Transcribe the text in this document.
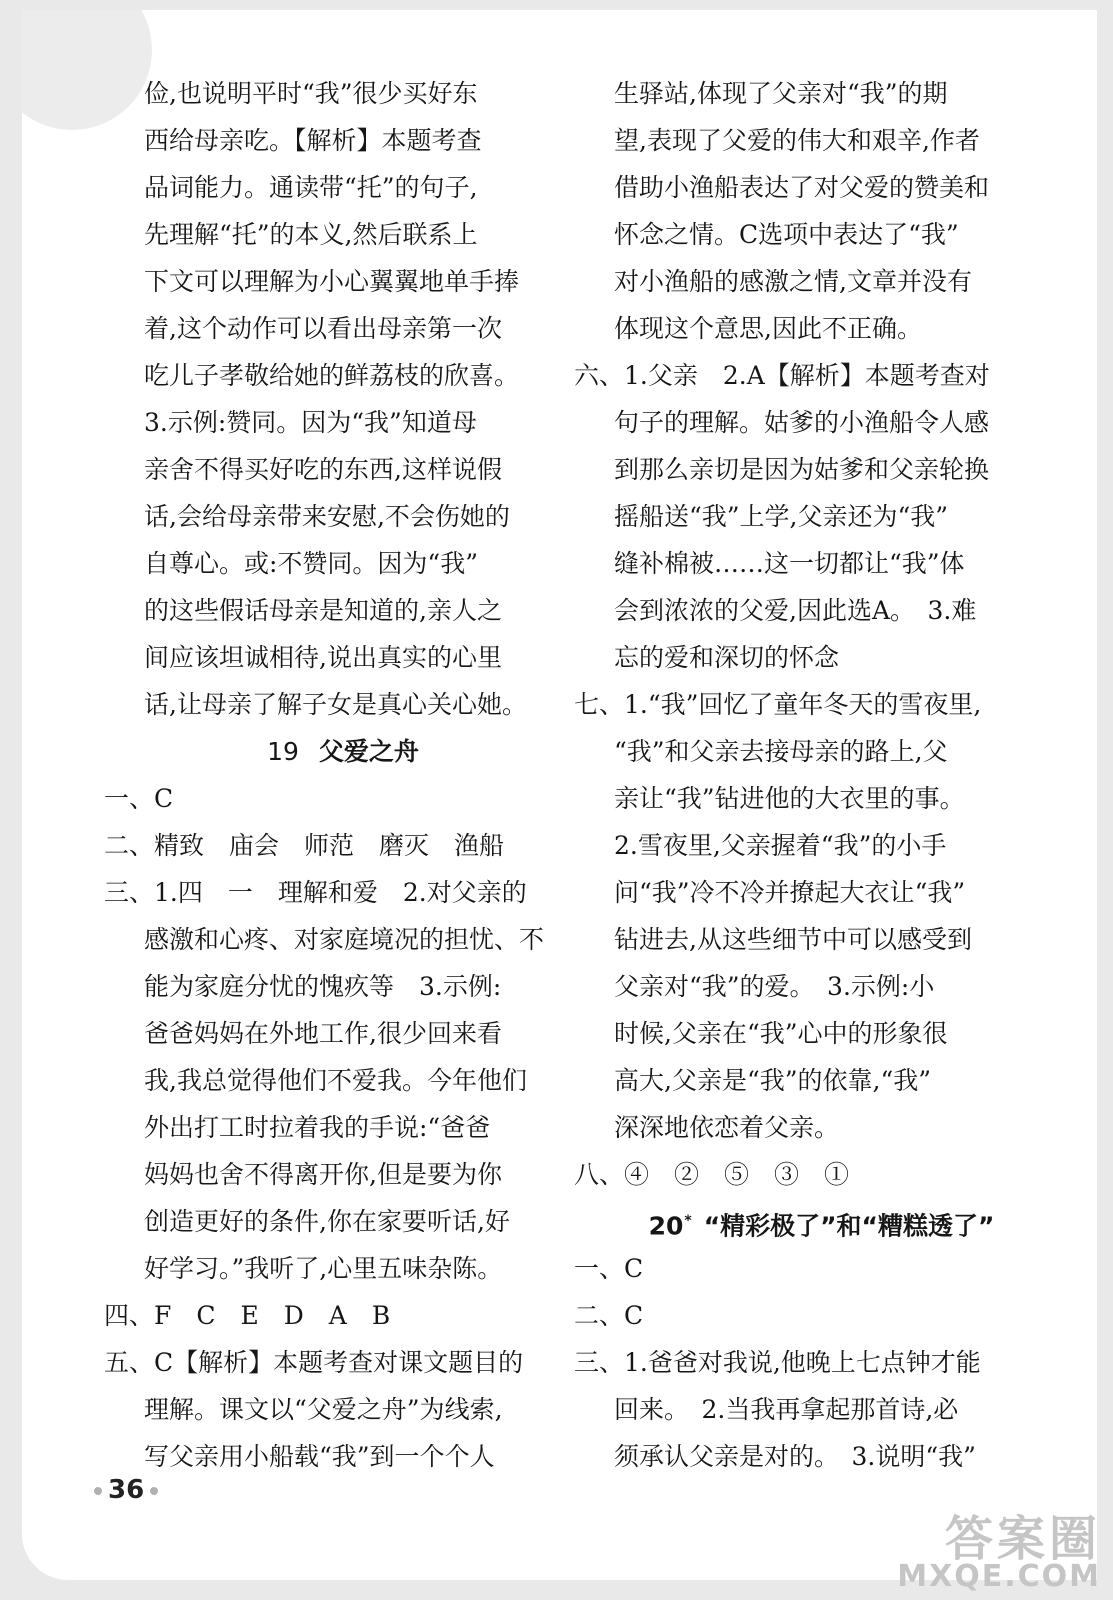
俭,也说明平时“我”很少买好东
西给母亲吃。【解析】本题考查
品词能力。通读带“托”的句子,
先理解“托”的本义,然后联系上
下文可以理解为小心翼翼地单手捧
着,这个动作可以看出母亲第一次
吃儿子孝敬给她的鲜荔枝的欣喜。
3.示例:赞同。因为“我”知道母
亲舍不得买好吃的东西,这样说假
话,会给母亲带来安慰,不会伤她的
自尊心。或:不赞同。因为“我”
的这些假话母亲是知道的,亲人之
间应该坦诚相待,说出真实的心里
话,让母亲了解子女是真心关心她。
19 父爱之舟
一、C
二、精致　庙会　师范　磨灭　渔船
三、1.四　一　理解和爱　2.对父亲的
感激和心疼、对家庭境况的担忧、不
能为家庭分忧的愧疚等　3.示例:
爸爸妈妈在外地工作,很少回来看
我,我总觉得他们不爱我。今年他们
外出打工时拉着我的手说:“爸爸
妈妈也舍不得离开你,但是要为你
创造更好的条件,你在家要听话,好
好学习。”我听了,心里五味杂陈。
四、F　C　E　D　A　B
五、C【解析】本题考查对课文题目的
理解。课文以“父爱之舟”为线索,
写父亲用小船载“我”到一个个人
生驿站,体现了父亲对“我”的期
望,表现了父爱的伟大和艰辛,作者
借助小渔船表达了对父爱的赞美和
怀念之情。C选项中表达了“我”
对小渔船的感激之情,文章并没有
体现这个意思,因此不正确。
六、1.父亲　2.A【解析】本题考查对
句子的理解。姑爹的小渔船令人感
到那么亲切是因为姑爹和父亲轮换
摇船送“我”上学,父亲还为“我”
缝补棉被……这一切都让“我”体
会到浓浓的父爱,因此选A。　3.难
忘的爱和深切的怀念
七、1.“我”回忆了童年冬天的雪夜里,
“我”和父亲去接母亲的路上,父
亲让“我”钻进他的大衣里的事。
2.雪夜里,父亲握着“我”的小手
问“我”冷不冷并撩起大衣让“我”
钻进去,从这些细节中可以感受到
父亲对“我”的爱。　3.示例:小
时候,父亲在“我”心中的形象很
高大,父亲是“我”的依靠,“我”
深深地依恋着父亲。
八、④　②　⑤　③　①
20* “精彩极了”和“糟糕透了”
一、C
二、C
三、1.爸爸对我说,他晚上七点钟才能
回来。　2.当我再拿起那首诗,必
须承认父亲是对的。　3.说明“我”
36
答案圈
MXQE.COM
